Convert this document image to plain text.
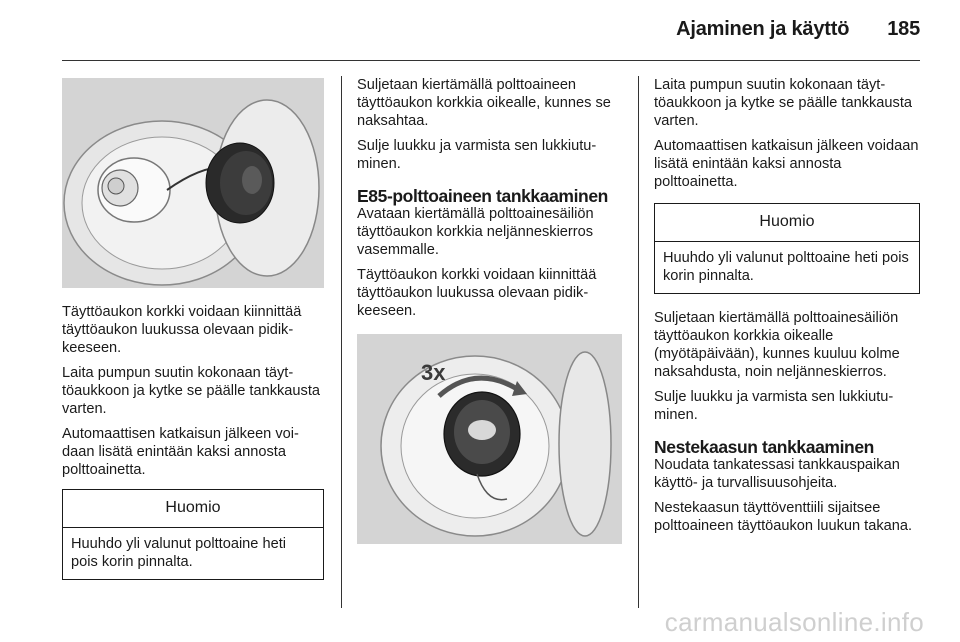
Ajaminen ja käyttö 185

Täyttöaukon korkki voidaan kiinnittää täyttöaukon luukussa olevaan pidikkeeseen.

Laita pumpun suutin kokonaan täyttöaukkoon ja kytke se päälle tankkausta varten.

Automaattisen katkaisun jälkeen voidaan lisätä enintään kaksi annosta polttoainetta.

Huomio
Huuhdo yli valunut polttoaine heti pois korin pinnalta.

Suljetaan kiertämällä polttoaineen täyttöaukon korkkia oikealle, kunnes se naksahtaa.

Sulje luukku ja varmista sen lukkiutuminen.

E85-polttoaineen tankkaaminen

Avataan kiertämällä polttoainesäiliön täyttöaukon korkkia neljänneskierros vasemmalle.

Täyttöaukon korkki voidaan kiinnittää täyttöaukon luukussa olevaan pidikkeeseen.

3x

Laita pumpun suutin kokonaan täyttöaukkoon ja kytke se päälle tankkausta varten.

Automaattisen katkaisun jälkeen voidaan lisätä enintään kaksi annosta polttoainetta.

Huomio
Huuhdo yli valunut polttoaine heti pois korin pinnalta.

Suljetaan kiertämällä polttoainesäiliön täyttöaukon korkkia oikealle (myötäpäivään), kunnes kuuluu kolme naksahdusta, noin neljänneskierros.

Sulje luukku ja varmista sen lukkiutuminen.

Nestekaasun tankkaaminen

Noudata tankatessasi tankkauspaikan käyttö- ja turvallisuusohjeita.

Nestekaasun täyttöventtiili sijaitsee polttoaineen täyttöaukon luukun takana.

carmanualsonline.info
